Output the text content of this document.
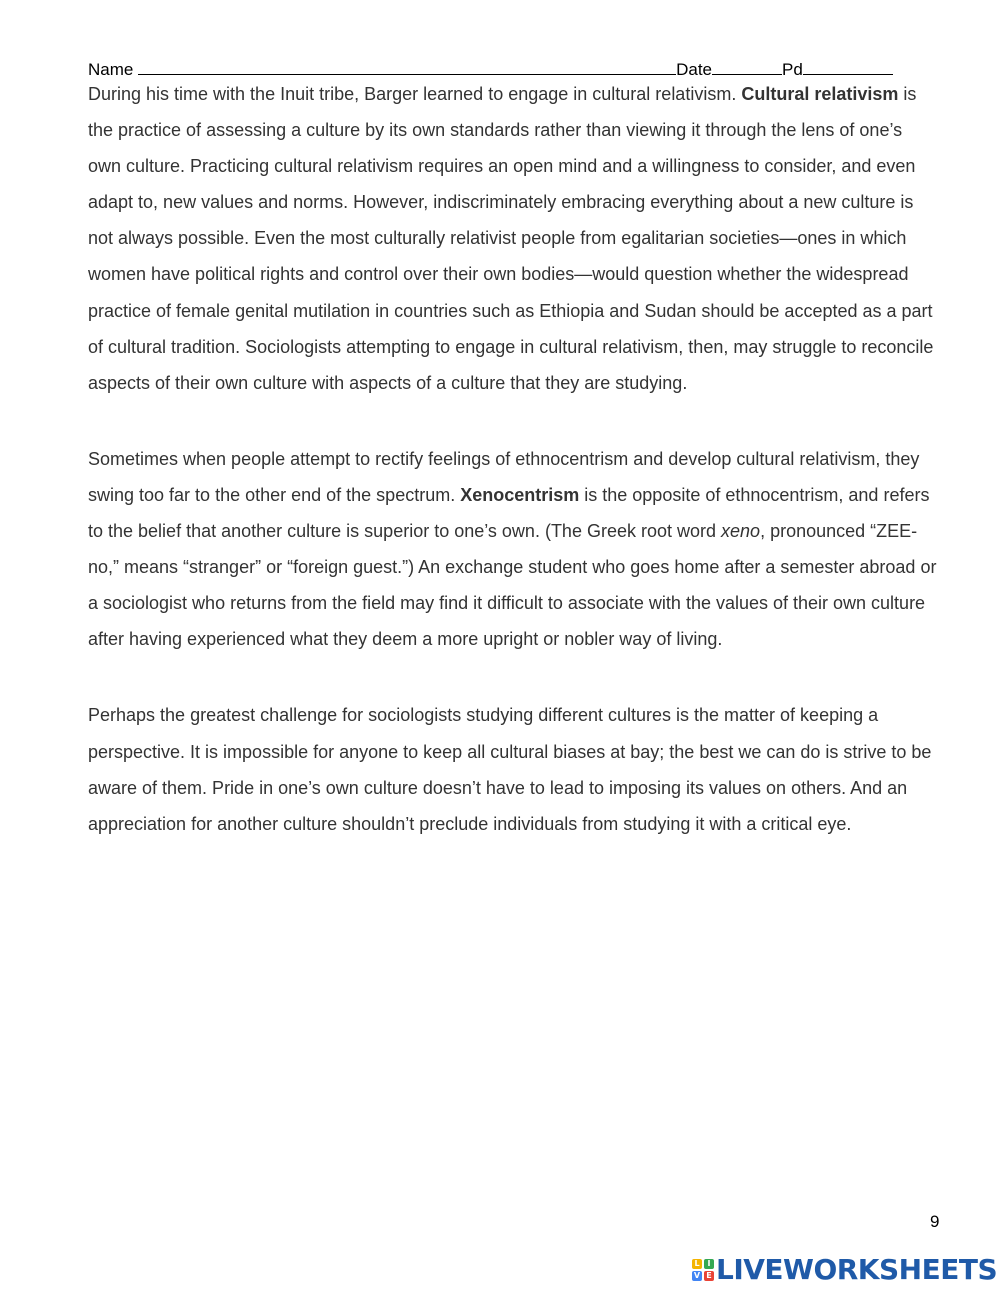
Name	Date	Pd

During his time with the Inuit tribe, Barger learned to engage in cultural relativism. Cultural relativism is the practice of assessing a culture by its own standards rather than viewing it through the lens of one’s own culture. Practicing cultural relativism requires an open mind and a willingness to consider, and even adapt to, new values and norms. However, indiscriminately embracing everything about a new culture is not always possible. Even the most culturally relativist people from egalitarian societies—ones in which women have political rights and control over their own bodies—would question whether the widespread practice of female genital mutilation in countries such as Ethiopia and Sudan should be accepted as a part of cultural tradition. Sociologists attempting to engage in cultural relativism, then, may struggle to reconcile aspects of their own culture with aspects of a culture that they are studying.

Sometimes when people attempt to rectify feelings of ethnocentrism and develop cultural relativism, they swing too far to the other end of the spectrum. Xenocentrism is the opposite of ethnocentrism, and refers to the belief that another culture is superior to one’s own. (The Greek root word xeno, pronounced “ZEE-no,” means “stranger” or “foreign guest.”) An exchange student who goes home after a semester abroad or a sociologist who returns from the field may find it difficult to associate with the values of their own culture after having experienced what they deem a more upright or nobler way of living.

Perhaps the greatest challenge for sociologists studying different cultures is the matter of keeping a perspective. It is impossible for anyone to keep all cultural biases at bay; the best we can do is strive to be aware of them. Pride in one’s own culture doesn’t have to lead to imposing its values on others. And an appreciation for another culture shouldn’t preclude individuals from studying it with a critical eye.

9
L I
V E LIVEWORKSHEETS
